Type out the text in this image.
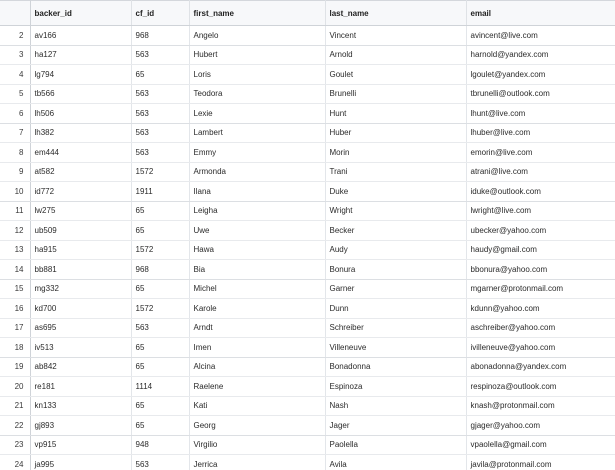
	backer_id	cf_id	first_name	last_name	email
2	av166	968	Angelo	Vincent	avincent@live.com
3	ha127	563	Hubert	Arnold	harnold@yandex.com
4	lg794	65	Loris	Goulet	lgoulet@yandex.com
5	tb566	563	Teodora	Brunelli	tbrunelli@outlook.com
6	lh506	563	Lexie	Hunt	lhunt@live.com
7	lh382	563	Lambert	Huber	lhuber@live.com
8	em444	563	Emmy	Morin	emorin@live.com
9	at582	1572	Armonda	Trani	atrani@live.com
10	id772	1911	Ilana	Duke	iduke@outlook.com
11	lw275	65	Leigha	Wright	lwright@live.com
12	ub509	65	Uwe	Becker	ubecker@yahoo.com
13	ha915	1572	Hawa	Audy	haudy@gmail.com
14	bb881	968	Bia	Bonura	bbonura@yahoo.com
15	mg332	65	Michel	Garner	mgarner@protonmail.com
16	kd700	1572	Karole	Dunn	kdunn@yahoo.com
17	as695	563	Arndt	Schreiber	aschreiber@yahoo.com
18	iv513	65	Imen	Villeneuve	ivilleneuve@yahoo.com
19	ab842	65	Alcina	Bonadonna	abonadonna@yandex.com
20	re181	1114	Raelene	Espinoza	respinoza@outlook.com
21	kn133	65	Kati	Nash	knash@protonmail.com
22	gj893	65	Georg	Jager	gjager@yahoo.com
23	vp915	948	Virgilio	Paolella	vpaolella@gmail.com
24	ja995	563	Jerrica	Avila	javila@protonmail.com
